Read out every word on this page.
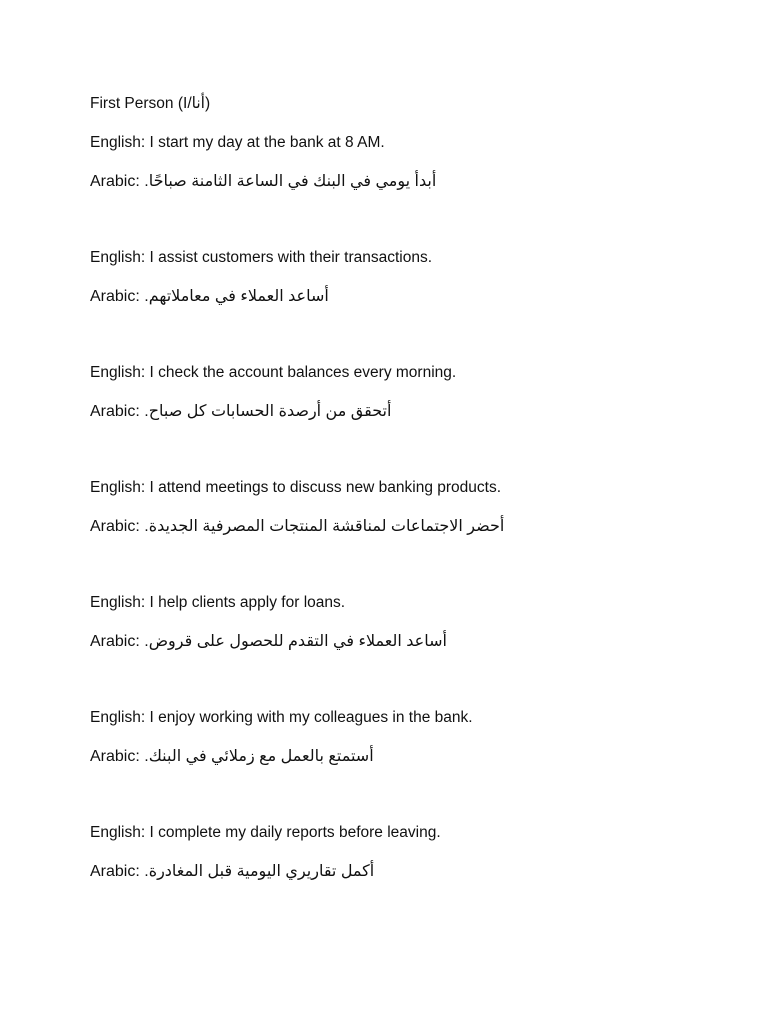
First Person (I/أنا)

English: I start my day at the bank at 8 AM.

Arabic: أبدأ يومي في البنك في الساعة الثامنة صباحًا.

English: I assist customers with their transactions.

Arabic: أساعد العملاء في معاملاتهم.

English: I check the account balances every morning.

Arabic: أتحقق من أرصدة الحسابات كل صباح.

English: I attend meetings to discuss new banking products.

Arabic: أحضر الاجتماعات لمناقشة المنتجات المصرفية الجديدة.

English: I help clients apply for loans.

Arabic: أساعد العملاء في التقدم للحصول على قروض.

English: I enjoy working with my colleagues in the bank.

Arabic: أستمتع بالعمل مع زملائي في البنك.

English: I complete my daily reports before leaving.

Arabic: أكمل تقاريري اليومية قبل المغادرة.
